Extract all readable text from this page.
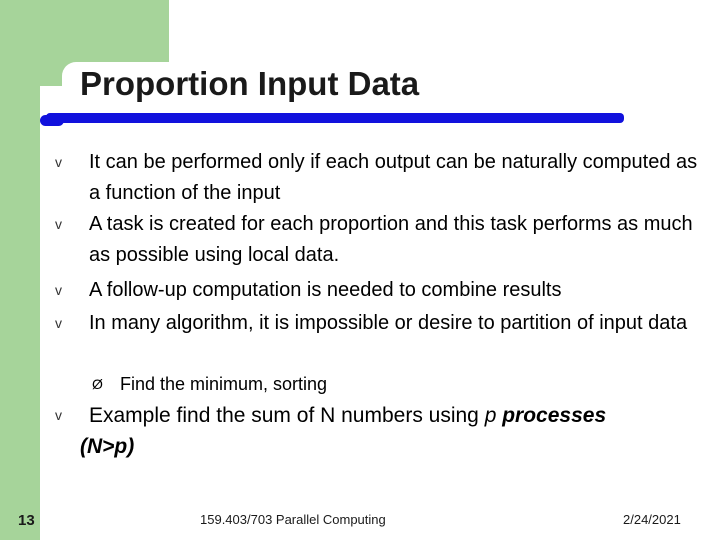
Proportion Input Data
v	It can be performed only if each output can be naturally computed as a function of the input
v	A task is created for each proportion and this task performs as much as possible using local data.
v	A follow-up computation is needed to combine results
v	In many algorithm, it is impossible or desire to partition of input data
Ø Find the minimum, sorting
v Example find the sum of N numbers using p processes
(N>p)
13	159.403/703 Parallel Computing	2/24/2021
